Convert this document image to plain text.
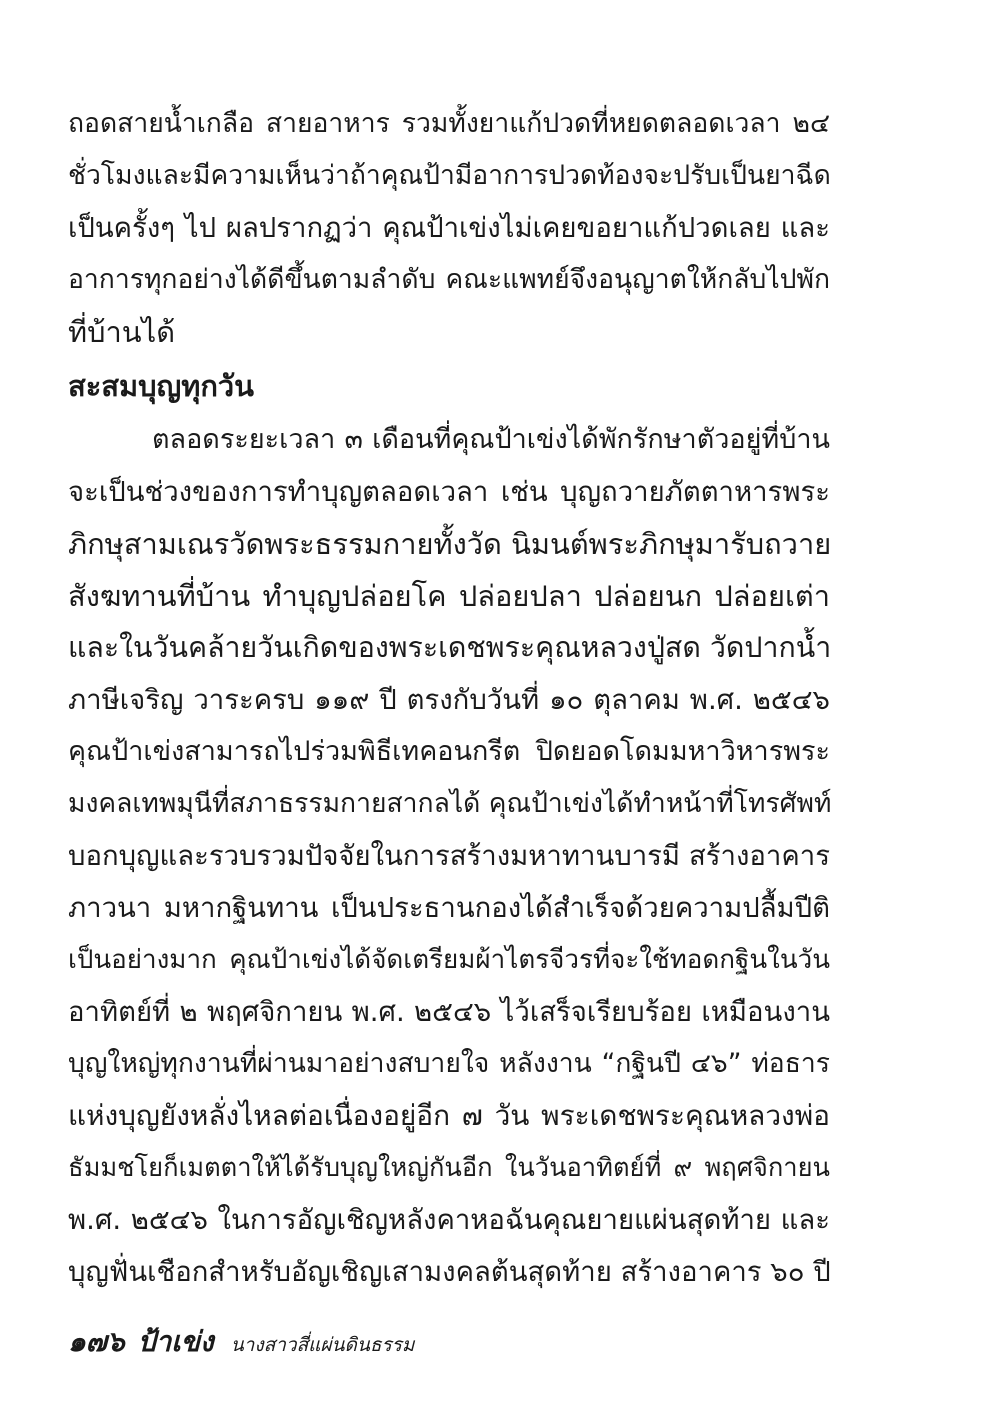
ถอดสายน้ำเกลือ สายอาหาร รวมทั้งยาแก้ปวดที่หยดตลอดเวลา ๒๔
ชั่วโมงและมีความเห็นว่าถ้าคุณป้ามีอาการปวดท้องจะปรับเป็นยาฉีด
เป็นครั้งๆ ไป ผลปรากฏว่า คุณป้าเข่งไม่เคยขอยาแก้ปวดเลย และ
อาการทุกอย่างได้ดีขึ้นตามลำดับ คณะแพทย์จึงอนุญาตให้กลับไปพัก
ที่บ้านได้
สะสมบุญทุกวัน
ตลอดระยะเวลา ๓ เดือนที่คุณป้าเข่งได้พักรักษาตัวอยู่ที่บ้าน
จะเป็นช่วงของการทำบุญตลอดเวลา เช่น บุญถวายภัตตาหารพระ
ภิกษุสามเณรวัดพระธรรมกายทั้งวัด นิมนต์พระภิกษุมารับถวาย
สังฆทานที่บ้าน ทำบุญปล่อยโค ปล่อยปลา ปล่อยนก ปล่อยเต่า
และในวันคล้ายวันเกิดของพระเดชพระคุณหลวงปู่สด วัดปากน้ำ
ภาษีเจริญ วาระครบ ๑๑๙ ปี ตรงกับวันที่ ๑๐ ตุลาคม พ.ศ. ๒๕๔๖
คุณป้าเข่งสามารถไปร่วมพิธีเทคอนกรีต ปิดยอดโดมมหาวิหารพระ
มงคลเทพมุนีที่สภาธรรมกายสากลได้ คุณป้าเข่งได้ทำหน้าที่โทรศัพท์
บอกบุญและรวบรวมปัจจัยในการสร้างมหาทานบารมี สร้างอาคาร
ภาวนา มหากฐินทาน เป็นประธานกองได้สำเร็จด้วยความปลื้มปีติ
เป็นอย่างมาก คุณป้าเข่งได้จัดเตรียมผ้าไตรจีวรที่จะใช้ทอดกฐินในวัน
อาทิตย์ที่ ๒ พฤศจิกายน พ.ศ. ๒๕๔๖ ไว้เสร็จเรียบร้อย เหมือนงาน
บุญใหญ่ทุกงานที่ผ่านมาอย่างสบายใจ หลังงาน “กฐินปี ๔๖” ท่อธาร
แห่งบุญยังหลั่งไหลต่อเนื่องอยู่อีก ๗ วัน พระเดชพระคุณหลวงพ่อ
ธัมมชโยก็เมตตาให้ได้รับบุญใหญ่กันอีก ในวันอาทิตย์ที่ ๙ พฤศจิกายน
พ.ศ. ๒๕๔๖ ในการอัญเชิญหลังคาหอฉันคุณยายแผ่นสุดท้าย และ
บุญฟั่นเชือกสำหรับอัญเชิญเสามงคลต้นสุดท้าย สร้างอาคาร ๖๐ ปี
๑๗๖ ป้าเข่ง นางสาวสี่แผ่นดินธรรม
